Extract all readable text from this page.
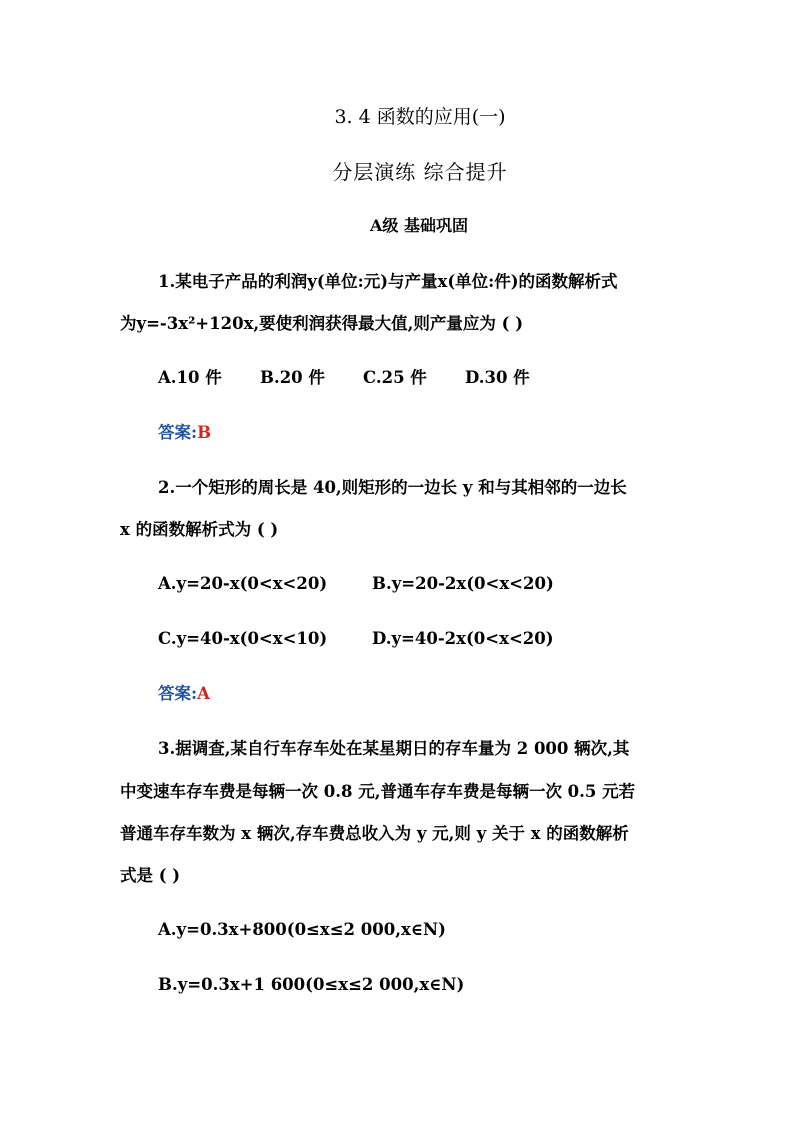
3. 4 函数的应用(一)
分层演练 综合提升
A级 基础巩固
1.某电子产品的利润y(单位:元)与产量x(单位:件)的函数解析式
为y=-3x²+120x,要使利润获得最大值,则产量应为 ( )
A.10 件 B.20 件 C.25 件 D.30 件
答案:B
2.一个矩形的周长是 40,则矩形的一边长 y 和与其相邻的一边长
x 的函数解析式为 ( )
A.y=20-x(0<x<20)	B.y=20-2x(0<x<20)
C.y=40-x(0<x<10)	D.y=40-2x(0<x<20)
答案:A
3.据调查,某自行车存车处在某星期日的存车量为 2 000 辆次,其
中变速车存车费是每辆一次 0.8 元,普通车存车费是每辆一次 0.5 元若
普通车存车数为 x 辆次,存车费总收入为 y 元,则 y 关于 x 的函数解析
式是 ( )
A.y=0.3x+800(0≤x≤2 000,x∈N)
B.y=0.3x+1 600(0≤x≤2 000,x∈N)
